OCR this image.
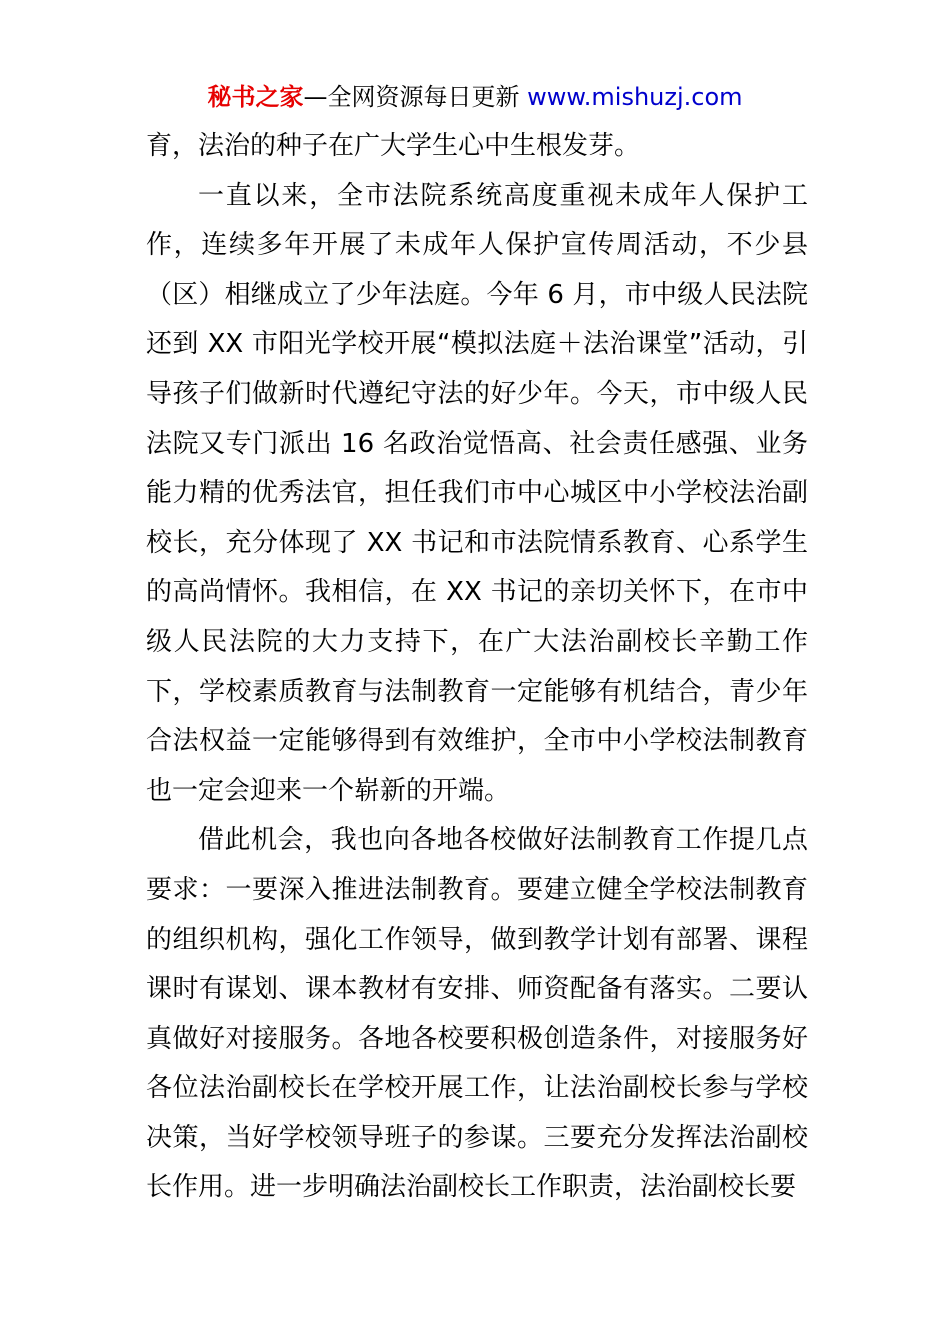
秘书之家—全网资源每日更新 www.mishuzj.com

育，法治的种子在广大学生心中生根发芽。

一直以来，全市法院系统高度重视未成年人保护工作，连续多年开展了未成年人保护宣传周活动，不少县（区）相继成立了少年法庭。今年 6 月，市中级人民法院还到 XX 市阳光学校开展“模拟法庭＋法治课堂”活动，引导孩子们做新时代遵纪守法的好少年。今天，市中级人民法院又专门派出 16 名政治觉悟高、社会责任感强、业务能力精的优秀法官，担任我们市中心城区中小学校法治副校长，充分体现了 XX 书记和市法院情系教育、心系学生的高尚情怀。我相信，在 XX 书记的亲切关怀下，在市中级人民法院的大力支持下，在广大法治副校长辛勤工作下，学校素质教育与法制教育一定能够有机结合，青少年合法权益一定能够得到有效维护，全市中小学校法制教育也一定会迎来一个崭新的开端。

借此机会，我也向各地各校做好法制教育工作提几点要求：一要深入推进法制教育。要建立健全学校法制教育的组织机构，强化工作领导，做到教学计划有部署、课程课时有谋划、课本教材有安排、师资配备有落实。二要认真做好对接服务。各地各校要积极创造条件，对接服务好各位法治副校长在学校开展工作，让法治副校长参与学校决策，当好学校领导班子的参谋。三要充分发挥法治副校长作用。进一步明确法治副校长工作职责，法治副校长要
